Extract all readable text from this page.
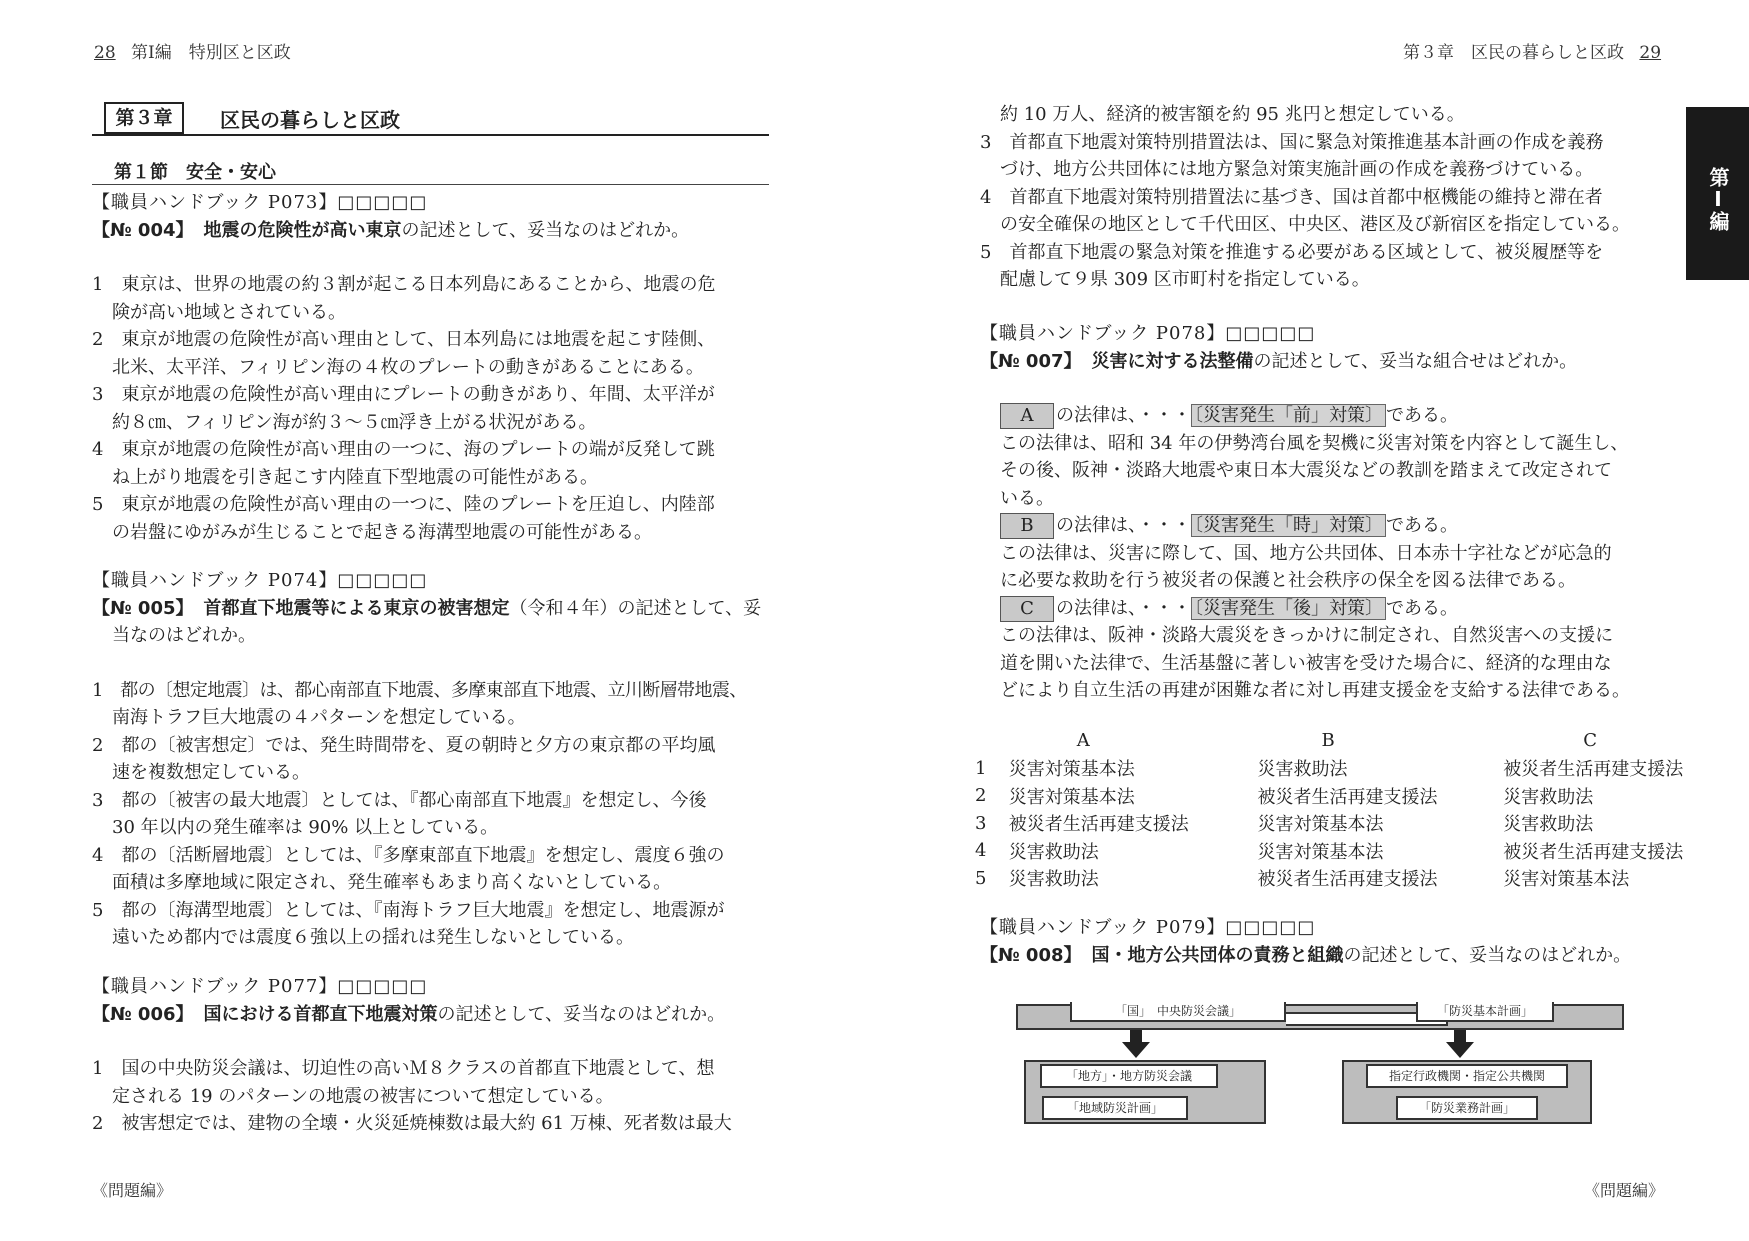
28 第Ⅰ編　特別区と区政
第３章	区民の暮らしと区政
第１節　安全・安心
【職員ハンドブック P073】□□□□□
【№ 004】 地震の危険性が高い東京の記述として、妥当なのはどれか。
1　東京は、世界の地震の約３割が起こる日本列島にあることから、地震の危
険が高い地域とされている。
2　東京が地震の危険性が高い理由として、日本列島には地震を起こす陸側、
北米、太平洋、フィリピン海の４枚のプレートの動きがあることにある。
3　東京が地震の危険性が高い理由にプレートの動きがあり、年間、太平洋が
約８㎝、フィリピン海が約３～５㎝浮き上がる状況がある。
4　東京が地震の危険性が高い理由の一つに、海のプレートの端が反発して跳
ね上がり地震を引き起こす内陸直下型地震の可能性がある。
5　東京が地震の危険性が高い理由の一つに、陸のプレートを圧迫し、内陸部
の岩盤にゆがみが生じることで起きる海溝型地震の可能性がある。
【職員ハンドブック P074】□□□□□
【№ 005】 首都直下地震等による東京の被害想定（令和４年）の記述として、妥
当なのはどれか。
1　都の〔想定地震〕は、都心南部直下地震、多摩東部直下地震、立川断層帯地震、
南海トラフ巨大地震の４パターンを想定している。
2　都の〔被害想定〕では、発生時間帯を、夏の朝時と夕方の東京都の平均風
速を複数想定している。
3　都の〔被害の最大地震〕としては、『都心南部直下地震』を想定し、今後
30 年以内の発生確率は 90% 以上としている。
4　都の〔活断層地震〕としては、『多摩東部直下地震』を想定し、震度６強の
面積は多摩地域に限定され、発生確率もあまり高くないとしている。
5　都の〔海溝型地震〕としては、『南海トラフ巨大地震』を想定し、地震源が
遠いため都内では震度６強以上の揺れは発生しないとしている。
【職員ハンドブック P077】□□□□□
【№ 006】 国における首都直下地震対策の記述として、妥当なのはどれか。
1　国の中央防災会議は、切迫性の高いＭ８クラスの首都直下地震として、想
定される 19 のパターンの地震の被害について想定している。
2　被害想定では、建物の全壊・火災延焼棟数は最大約 61 万棟、死者数は最大
《問題編》
第３章　区民の暮らしと区政 29
第Ⅰ編
約 10 万人、経済的被害額を約 95 兆円と想定している。
3　首都直下地震対策特別措置法は、国に緊急対策推進基本計画の作成を義務
づけ、地方公共団体には地方緊急対策実施計画の作成を義務づけている。
4　首都直下地震対策特別措置法に基づき、国は首都中枢機能の維持と滞在者
の安全確保の地区として千代田区、中央区、港区及び新宿区を指定している。
5　首都直下地震の緊急対策を推進する必要がある区域として、被災履歴等を
配慮して９県 309 区市町村を指定している。
【職員ハンドブック P078】□□□□□
【№ 007】 災害に対する法整備の記述として、妥当な組合せはどれか。
A の法律は、・・・ 〔災害発生「前」対策〕 である。
この法律は、昭和 34 年の伊勢湾台風を契機に災害対策を内容として誕生し、
その後、阪神・淡路大地震や東日本大震災などの教訓を踏まえて改定されて
いる。
B の法律は、・・・ 〔災害発生「時」対策〕 である。
この法律は、災害に際して、国、地方公共団体、日本赤十字社などが応急的
に必要な救助を行う被災者の保護と社会秩序の保全を図る法律である。
C の法律は、・・・ 〔災害発生「後」対策〕 である。
この法律は、阪神・淡路大震災をきっかけに制定され、自然災害への支援に
道を開いた法律で、生活基盤に著しい被害を受けた場合に、経済的な理由な
どにより自立生活の再建が困難な者に対し再建支援金を支給する法律である。
	A	B	C
1	災害対策基本法	災害救助法	被災者生活再建支援法
2	災害対策基本法	被災者生活再建支援法	災害救助法
3	被災者生活再建支援法	災害対策基本法	災害救助法
4	災害救助法	災害対策基本法	被災者生活再建支援法
5	災害救助法	被災者生活再建支援法	災害対策基本法
【職員ハンドブック P079】□□□□□
【№ 008】 国・地方公共団体の責務と組織の記述として、妥当なのはどれか。
「国」　中央防災会議」	「防災基本計画」
「地方」・地方防災会議
「地域防災計画」
指定行政機関・指定公共機関
「防災業務計画」
《問題編》
